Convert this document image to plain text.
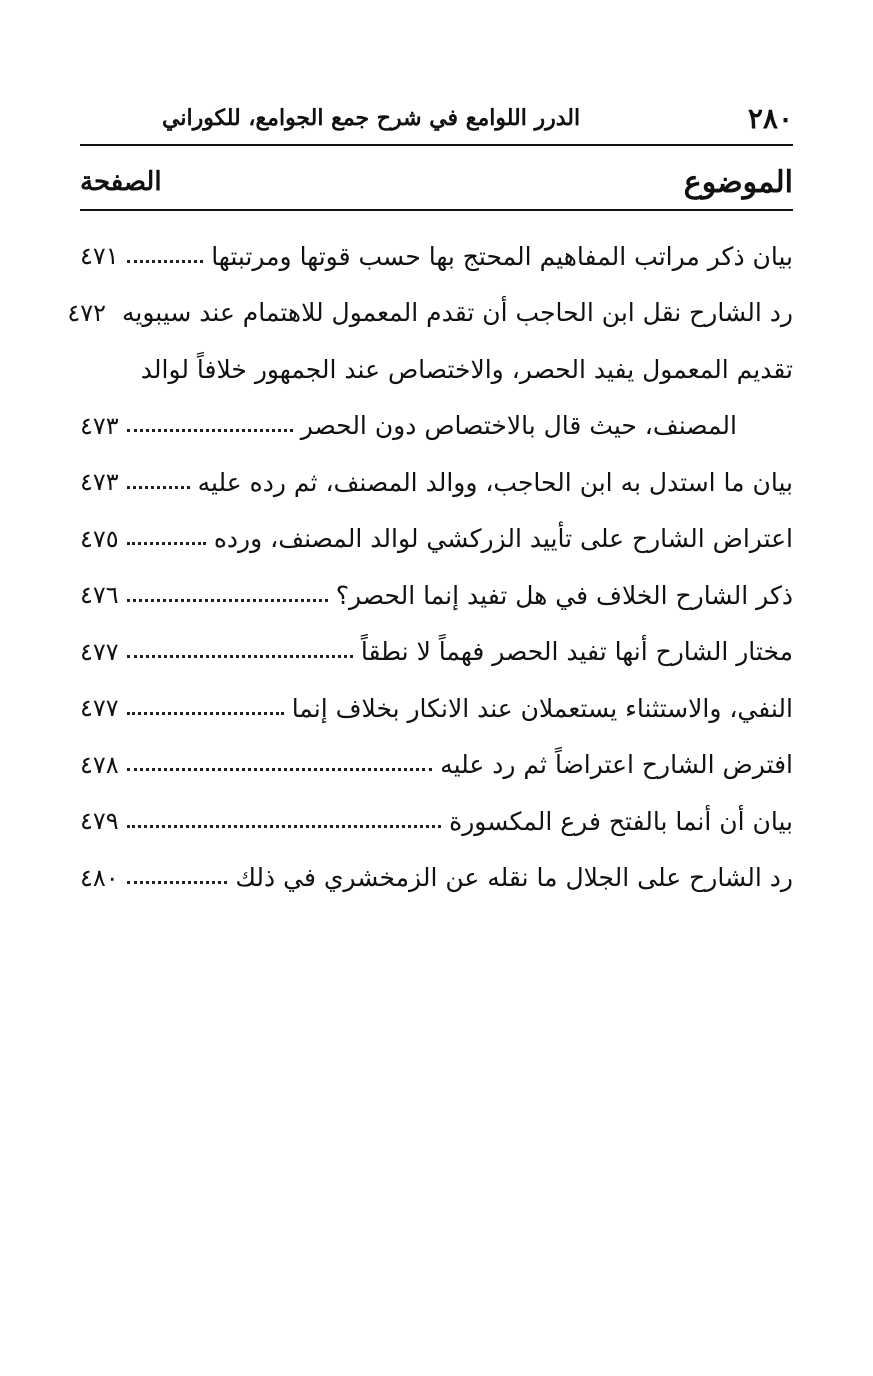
٢٨٠
الدرر اللوامع في شرح جمع الجوامع، للكوراني
الموضوع
الصفحة
بيان ذكر مراتب المفاهيم المحتج بها حسب قوتها ومرتبتها
٤٧١
رد الشارح نقل ابن الحاجب أن تقدم المعمول للاهتمام عند سيبويه
٤٧٢
تقديم المعمول يفيد الحصر، والاختصاص عند الجمهور خلافاً لوالد
المصنف، حيث قال بالاختصاص دون الحصر
٤٧٣
بيان ما استدل به ابن الحاجب، ووالد المصنف، ثم رده عليه
٤٧٣
اعتراض الشارح على تأييد الزركشي لوالد المصنف، ورده
٤٧٥
ذكر الشارح الخلاف في هل تفيد إنما الحصر؟
٤٧٦
مختار الشارح أنها تفيد الحصر فهماً لا نطقاً
٤٧٧
النفي، والاستثناء يستعملان عند الانكار بخلاف إنما
٤٧٧
افترض الشارح اعتراضاً ثم رد عليه
٤٧٨
بيان أن أنما بالفتح فرع المكسورة
٤٧٩
رد الشارح على الجلال ما نقله عن الزمخشري في ذلك
٤٨٠
